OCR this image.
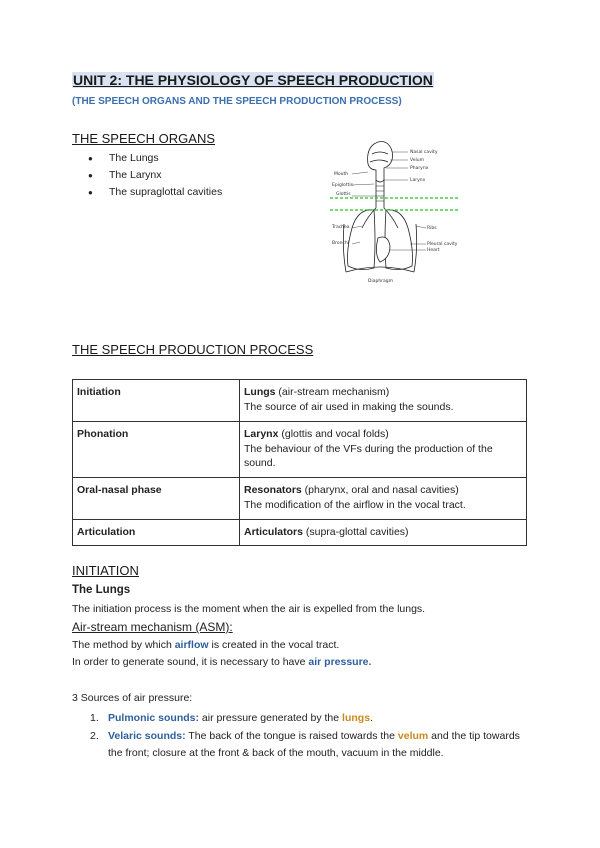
UNIT 2: THE PHYSIOLOGY OF SPEECH PRODUCTION
(THE SPEECH ORGANS AND THE SPEECH PRODUCTION PROCESS)
THE SPEECH ORGANS
● The Lungs
● The Larynx
● The supraglottal cavities
Mouth
Epiglottis
Glottis
Trachea
Bronchi
Nasal cavity
Velum
Pharynx
Larynx
Ribs
Pleural cavity
Heart
Diaphragm
THE SPEECH PRODUCTION PROCESS
Initiation	Lungs (air-stream mechanism)
The source of air used in making the sounds.
Phonation	Larynx (glottis and vocal folds)
The behaviour of the VFs during the production of the sound.
Oral-nasal phase	Resonators (pharynx, oral and nasal cavities)
The modification of the airflow in the vocal tract.
Articulation	Articulators (supra-glottal cavities)
INITIATION
The Lungs
The initiation process is the moment when the air is expelled from the lungs.
Air-stream mechanism (ASM):
The method by which airflow is created in the vocal tract.
In order to generate sound, it is necessary to have air pressure.
3 Sources of air pressure:
1. Pulmonic sounds: air pressure generated by the lungs.
2. Velaric sounds: The back of the tongue is raised towards the velum and the tip towards the front; closure at the front & back of the mouth, vacuum in the middle.
